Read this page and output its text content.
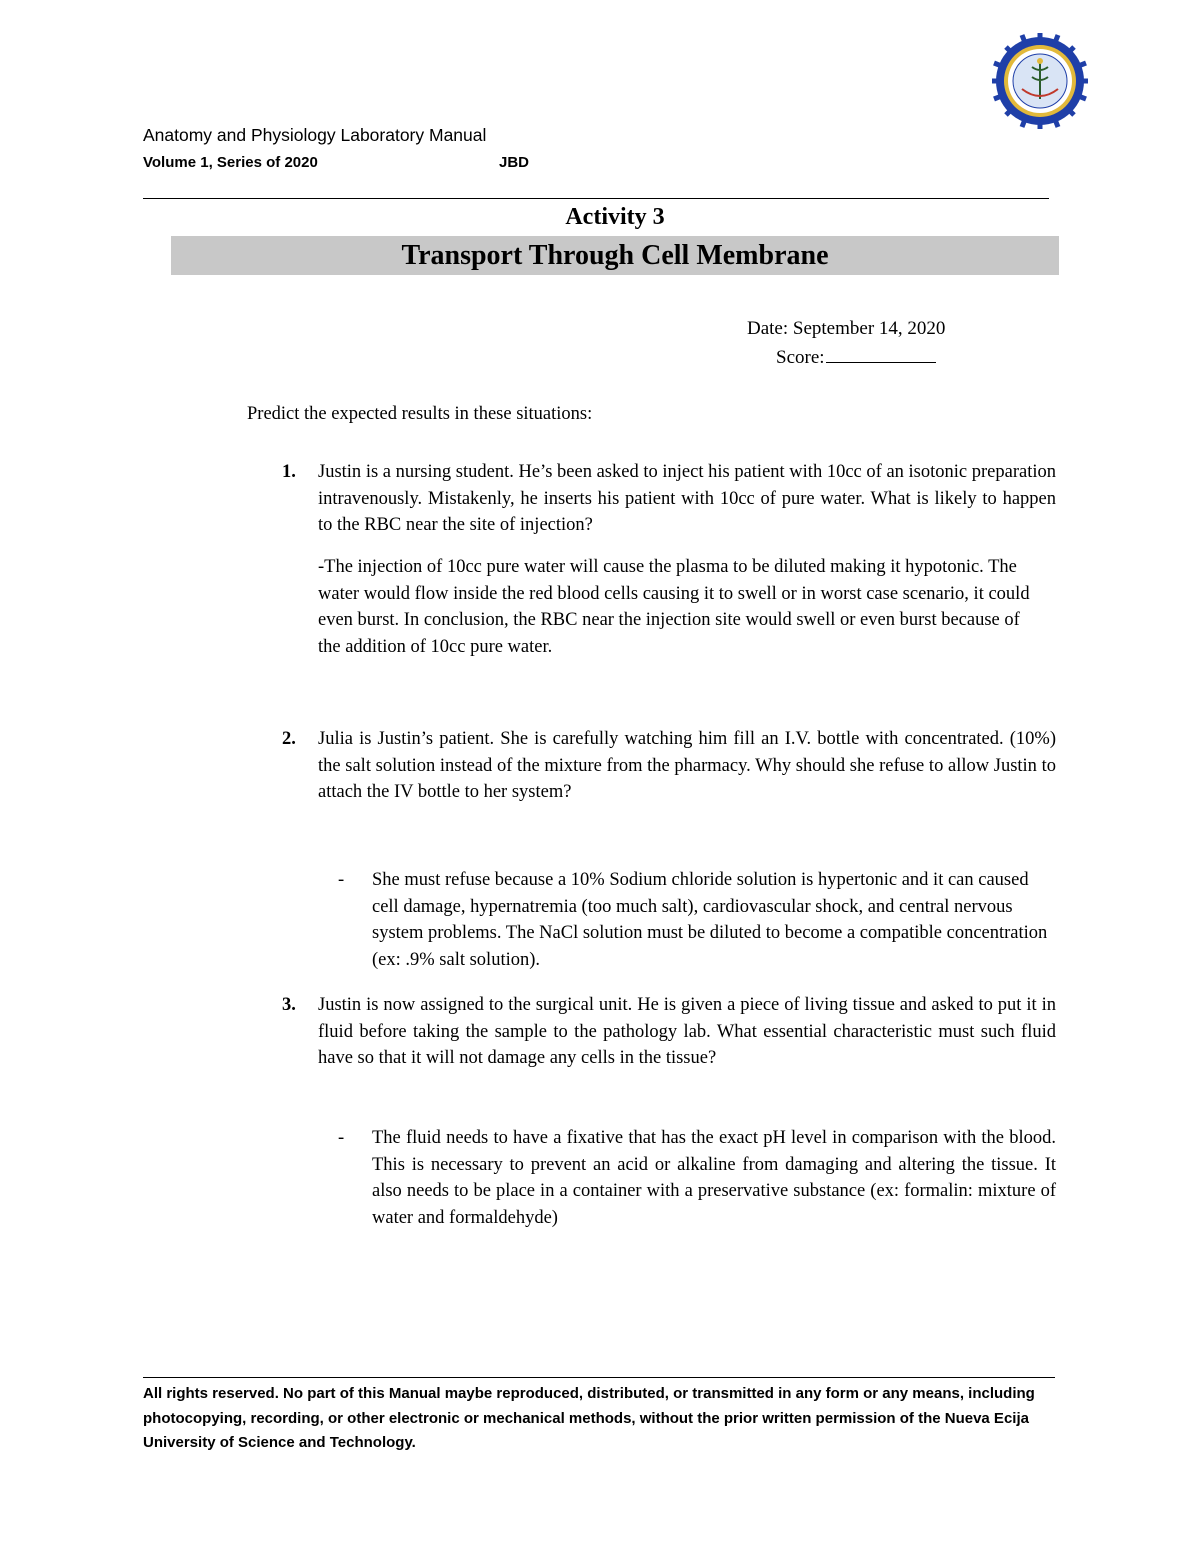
Anatomy and Physiology Laboratory Manual
Volume 1, Series of 2020	JBD
Activity 3
Transport Through Cell Membrane
Date: September 14, 2020
Score:

Predict the expected results in these situations:

1. Justin is a nursing student. He’s been asked to inject his patient with 10cc of an isotonic preparation intravenously. Mistakenly, he inserts his patient with 10cc of pure water. What is likely to happen to the RBC near the site of injection?

-The injection of 10cc pure water will cause the plasma to be diluted making it hypotonic. The water would flow inside the red blood cells causing it to swell or in worst case scenario, it could even burst. In conclusion, the RBC near the injection site would swell or even burst because of the addition of 10cc pure water.

2. Julia is Justin’s patient. She is carefully watching him fill an I.V. bottle with concentrated. (10%) the salt solution instead of the mixture from the pharmacy. Why should she refuse to allow Justin to attach the IV bottle to her system?

- She must refuse because a 10% Sodium chloride solution is hypertonic and it can caused cell damage, hypernatremia (too much salt), cardiovascular shock, and central nervous system problems. The NaCl solution must be diluted to become a compatible concentration (ex: .9% salt solution).

3. Justin is now assigned to the surgical unit. He is given a piece of living tissue and asked to put it in fluid before taking the sample to the pathology lab. What essential characteristic must such fluid have so that it will not damage any cells in the tissue?

- The fluid needs to have a fixative that has the exact pH level in comparison with the blood. This is necessary to prevent an acid or alkaline from damaging and altering the tissue. It also needs to be place in a container with a preservative substance (ex: formalin: mixture of water and formaldehyde)

All rights reserved. No part of this Manual maybe reproduced, distributed, or transmitted in any form or any means, including photocopying, recording, or other electronic or mechanical methods, without the prior written permission of the Nueva Ecija University of Science and Technology.
